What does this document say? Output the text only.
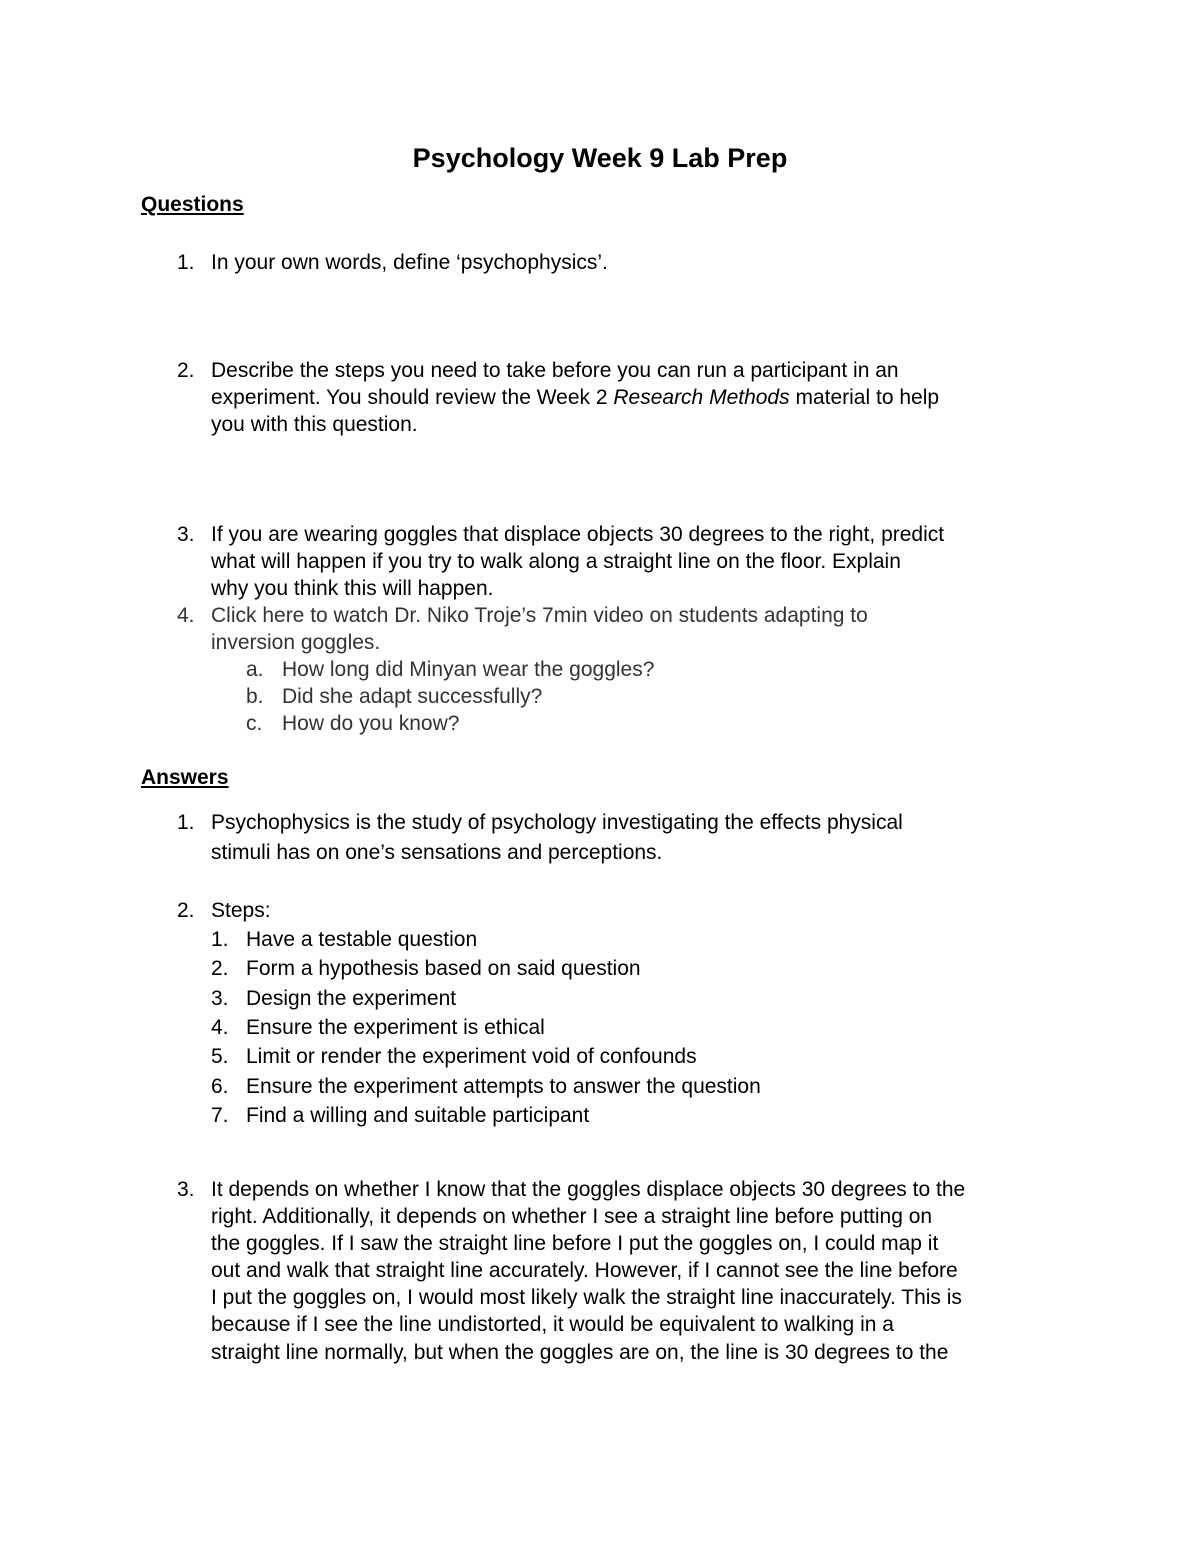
Psychology Week 9 Lab Prep
Questions
1. In your own words, define ‘psychophysics’.
2. Describe the steps you need to take before you can run a participant in an
experiment. You should review the Week 2 Research Methods material to help
you with this question.
3. If you are wearing goggles that displace objects 30 degrees to the right, predict
what will happen if you try to walk along a straight line on the floor. Explain
why you think this will happen.
4. Click here to watch Dr. Niko Troje’s 7min video on students adapting to
inversion goggles.
a. How long did Minyan wear the goggles?
b. Did she adapt successfully?
c. How do you know?
Answers
1. Psychophysics is the study of psychology investigating the effects physical
stimuli has on one’s sensations and perceptions.
2. Steps:
1. Have a testable question
2. Form a hypothesis based on said question
3. Design the experiment
4. Ensure the experiment is ethical
5. Limit or render the experiment void of confounds
6. Ensure the experiment attempts to answer the question
7. Find a willing and suitable participant
3. It depends on whether I know that the goggles displace objects 30 degrees to the
right. Additionally, it depends on whether I see a straight line before putting on
the goggles. If I saw the straight line before I put the goggles on, I could map it
out and walk that straight line accurately. However, if I cannot see the line before
I put the goggles on, I would most likely walk the straight line inaccurately. This is
because if I see the line undistorted, it would be equivalent to walking in a
straight line normally, but when the goggles are on, the line is 30 degrees to the
